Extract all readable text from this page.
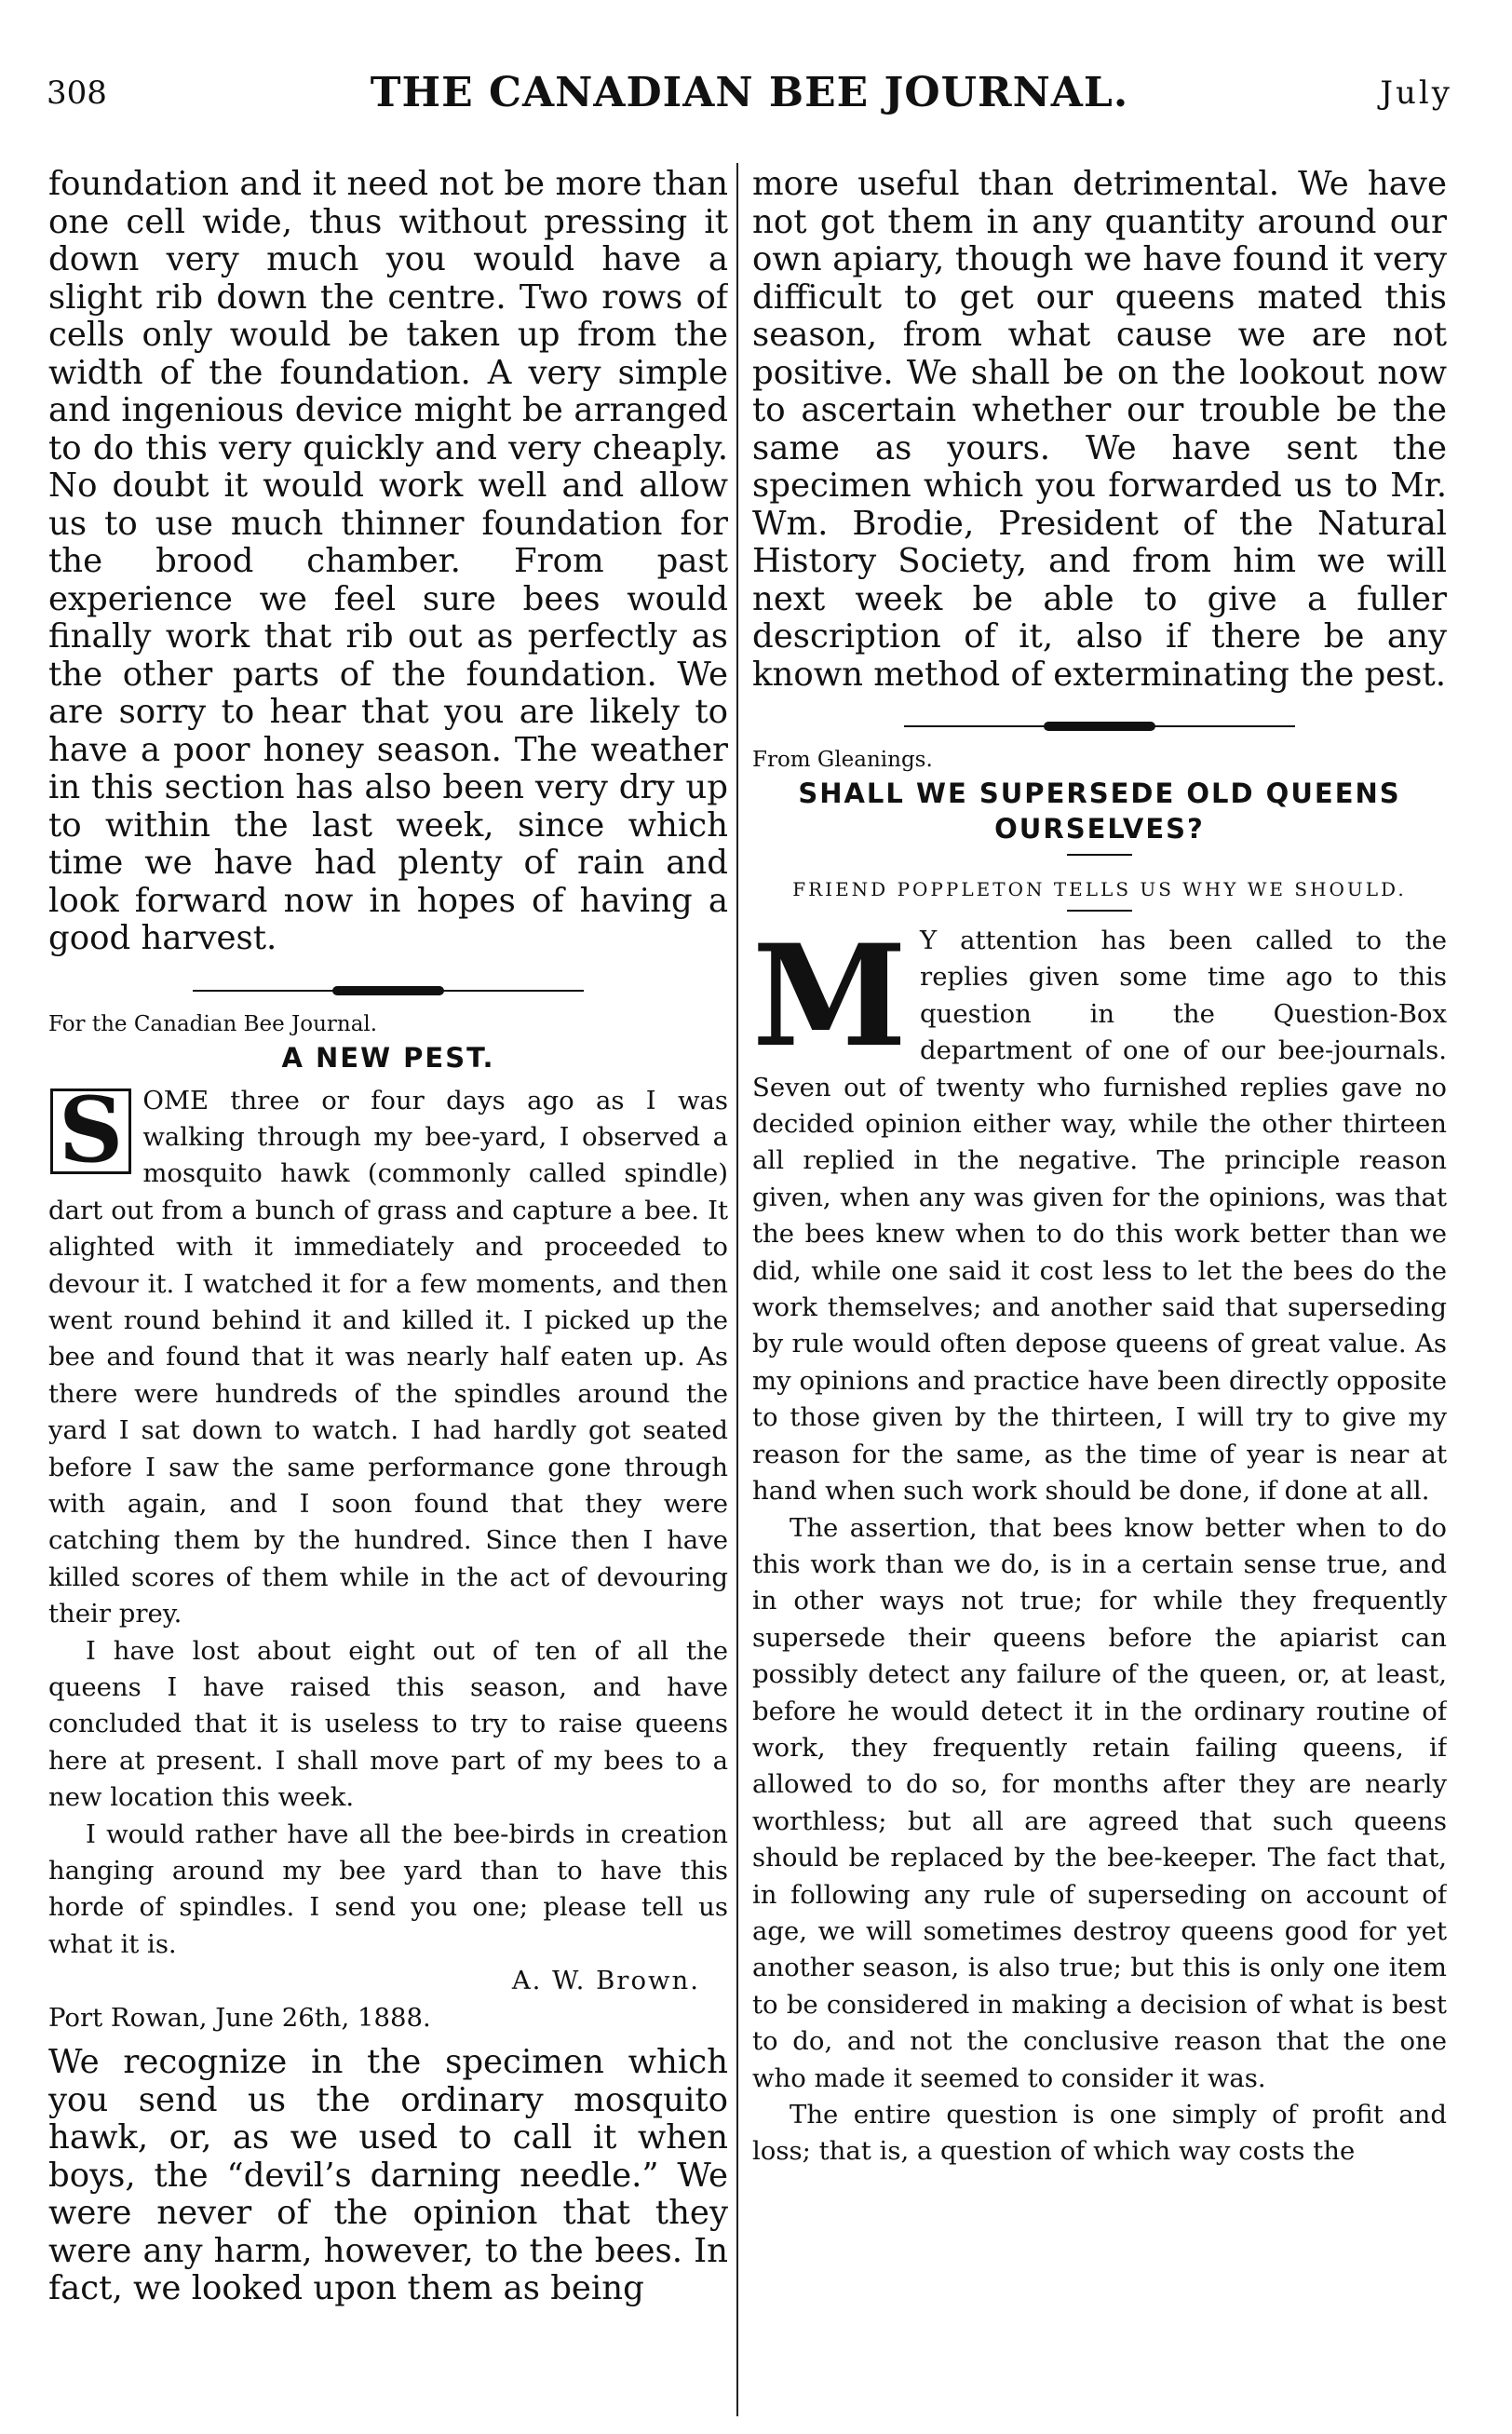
308	THE CANADIAN BEE JOURNAL.	July

foundation and it need not be more than one cell wide, thus without pressing it down very much you would have a slight rib down the centre. Two rows of cells only would be taken up from the width of the foundation. A very simple and ingenious device might be arranged to do this very quickly and very cheaply. No doubt it would work well and allow us to use much thinner foundation for the brood chamber. From past experience we feel sure bees would finally work that rib out as perfectly as the other parts of the foundation. We are sorry to hear that you are likely to have a poor honey season. The weather in this section has also been very dry up to within the last week, since which time we have had plenty of rain and look forward now in hopes of having a good harvest.

For the Canadian Bee Journal.
A NEW PEST.

S OME three or four days ago as I was walking through my bee-yard, I observed a mosquito hawk (commonly called spindle) dart out from a bunch of grass and capture a bee. It alighted with it immediately and proceeded to devour it. I watched it for a few moments, and then went round behind it and killed it. I picked up the bee and found that it was nearly half eaten up. As there were hundreds of the spindles around the yard I sat down to watch. I had hardly got seated before I saw the same performance gone through with again, and I soon found that they were catching them by the hundred. Since then I have killed scores of them while in the act of devouring their prey.

I have lost about eight out of ten of all the queens I have raised this season, and have concluded that it is useless to try to raise queens here at present. I shall move part of my bees to a new location this week.

I would rather have all the bee-birds in creation hanging around my bee yard than to have this horde of spindles. I send you one; please tell us what it is.

A. W. Brown.

Port Rowan, June 26th, 1888.

We recognize in the specimen which you send us the ordinary mosquito hawk, or, as we used to call it when boys, the “devil’s darning needle.” We were never of the opinion that they were any harm, however, to the bees. In fact, we looked upon them as being

more useful than detrimental. We have not got them in any quantity around our own apiary, though we have found it very difficult to get our queens mated this season, from what cause we are not positive. We shall be on the lookout now to ascertain whether our trouble be the same as yours. We have sent the specimen which you forwarded us to Mr. Wm. Brodie, President of the Natural History Society, and from him we will next week be able to give a fuller description of it, also if there be any known method of exterminating the pest.

From Gleanings.
SHALL WE SUPERSEDE OLD QUEENS OURSELVES?
FRIEND POPPLETON TELLS US WHY WE SHOULD.

M Y attention has been called to the replies given some time ago to this question in the Question-Box department of one of our bee-journals. Seven out of twenty who furnished replies gave no decided opinion either way, while the other thirteen all replied in the negative. The principle reason given, when any was given for the opinions, was that the bees knew when to do this work better than we did, while one said it cost less to let the bees do the work themselves; and another said that superseding by rule would often depose queens of great value. As my opinions and practice have been directly opposite to those given by the thirteen, I will try to give my reason for the same, as the time of year is near at hand when such work should be done, if done at all.

The assertion, that bees know better when to do this work than we do, is in a certain sense true, and in other ways not true; for while they frequently supersede their queens before the apiarist can possibly detect any failure of the queen, or, at least, before he would detect it in the ordinary routine of work, they frequently retain failing queens, if allowed to do so, for months after they are nearly worthless; but all are agreed that such queens should be replaced by the bee-keeper. The fact that, in following any rule of superseding on account of age, we will sometimes destroy queens good for yet another season, is also true; but this is only one item to be considered in making a decision of what is best to do, and not the conclusive reason that the one who made it seemed to consider it was.

The entire question is one simply of profit and loss; that is, a question of which way costs the
